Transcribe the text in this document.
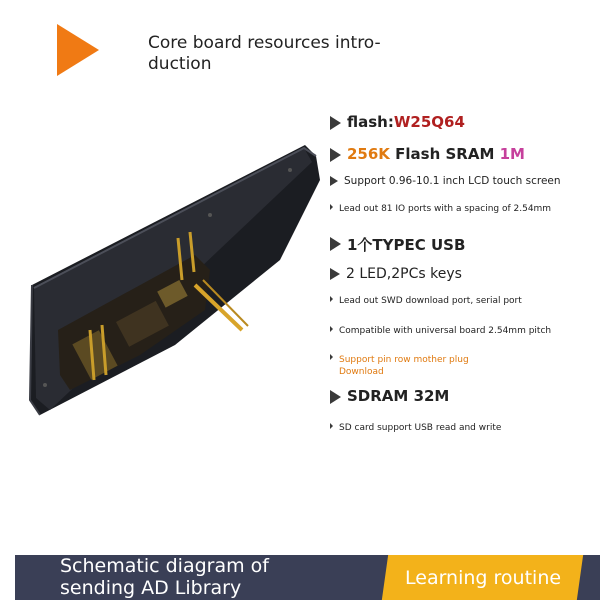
Core board resources intro-
duction
flash:W25Q64
256K Flash SRAM 1M
Support 0.96-10.1 inch LCD touch screen
Lead out 81 IO ports with a spacing of 2.54mm
1个TYPEC USB
2 LED,2PCs keys
Lead out SWD download port, serial port
Compatible with universal board 2.54mm pitch
Support pin row mother plug Download
SDRAM 32M
SD card support USB read and write
Schematic diagram of
sending AD Library	Learning routine
